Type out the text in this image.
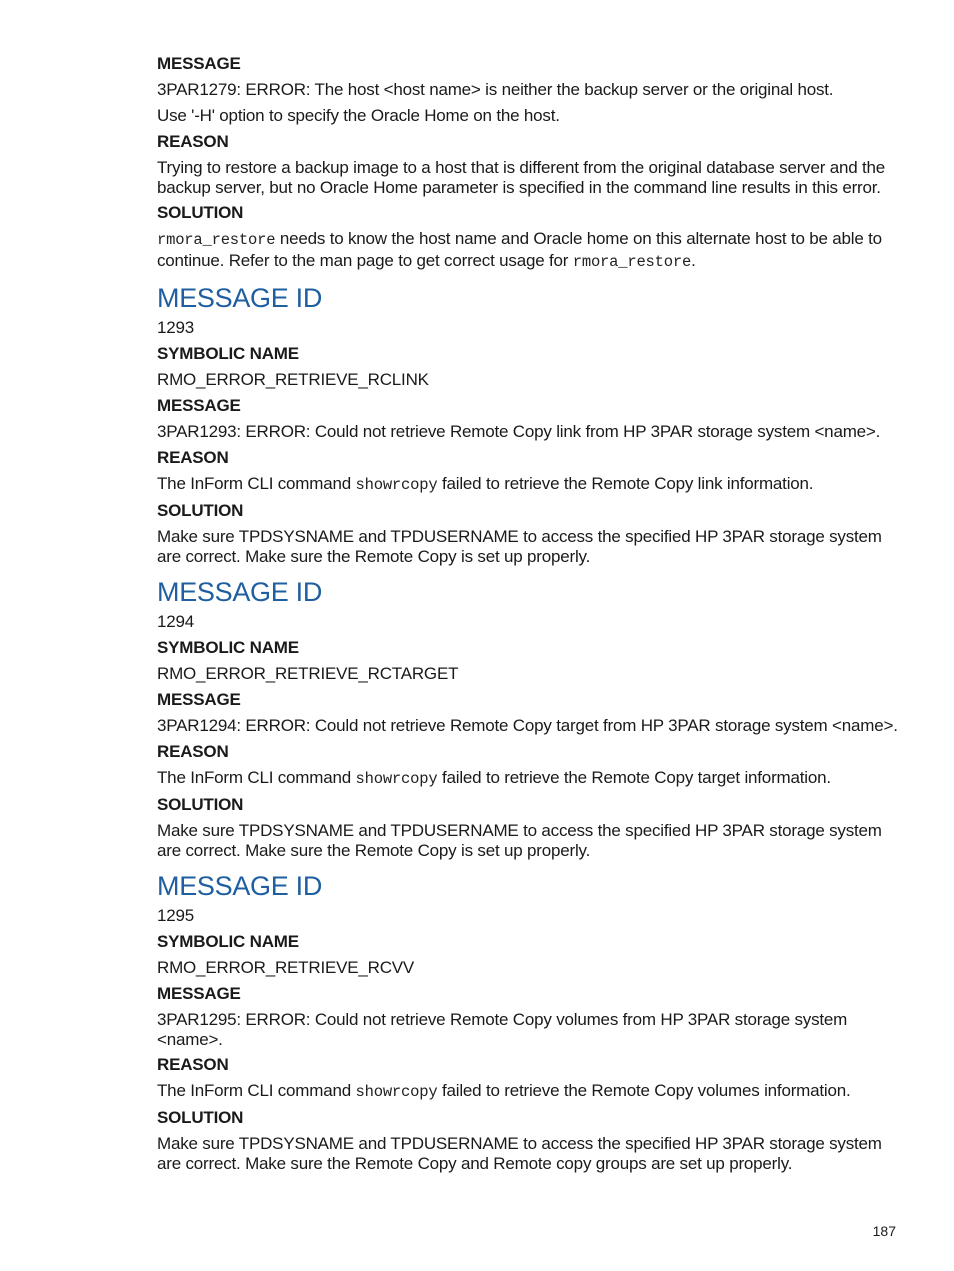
MESSAGE
3PAR1279: ERROR: The host <host name> is neither the backup server or the original host.
Use '-H' option to specify the Oracle Home on the host.
REASON
Trying to restore a backup image to a host that is different from the original database server and the backup server, but no Oracle Home parameter is specified in the command line results in this error.
SOLUTION
rmora_restore needs to know the host name and Oracle home on this alternate host to be able to continue. Refer to the man page to get correct usage for rmora_restore.
MESSAGE ID
1293
SYMBOLIC NAME
RMO_ERROR_RETRIEVE_RCLINK
MESSAGE
3PAR1293: ERROR: Could not retrieve Remote Copy link from HP 3PAR storage system <name>.
REASON
The InForm CLI command showrcopy failed to retrieve the Remote Copy link information.
SOLUTION
Make sure TPDSYSNAME and TPDUSERNAME to access the specified HP 3PAR storage system are correct. Make sure the Remote Copy is set up properly.
MESSAGE ID
1294
SYMBOLIC NAME
RMO_ERROR_RETRIEVE_RCTARGET
MESSAGE
3PAR1294: ERROR: Could not retrieve Remote Copy target from HP 3PAR storage system <name>.
REASON
The InForm CLI command showrcopy failed to retrieve the Remote Copy target information.
SOLUTION
Make sure TPDSYSNAME and TPDUSERNAME to access the specified HP 3PAR storage system are correct. Make sure the Remote Copy is set up properly.
MESSAGE ID
1295
SYMBOLIC NAME
RMO_ERROR_RETRIEVE_RCVV
MESSAGE
3PAR1295: ERROR: Could not retrieve Remote Copy volumes from HP 3PAR storage system <name>.
REASON
The InForm CLI command showrcopy failed to retrieve the Remote Copy volumes information.
SOLUTION
Make sure TPDSYSNAME and TPDUSERNAME to access the specified HP 3PAR storage system are correct. Make sure the Remote Copy and Remote copy groups are set up properly.
187
